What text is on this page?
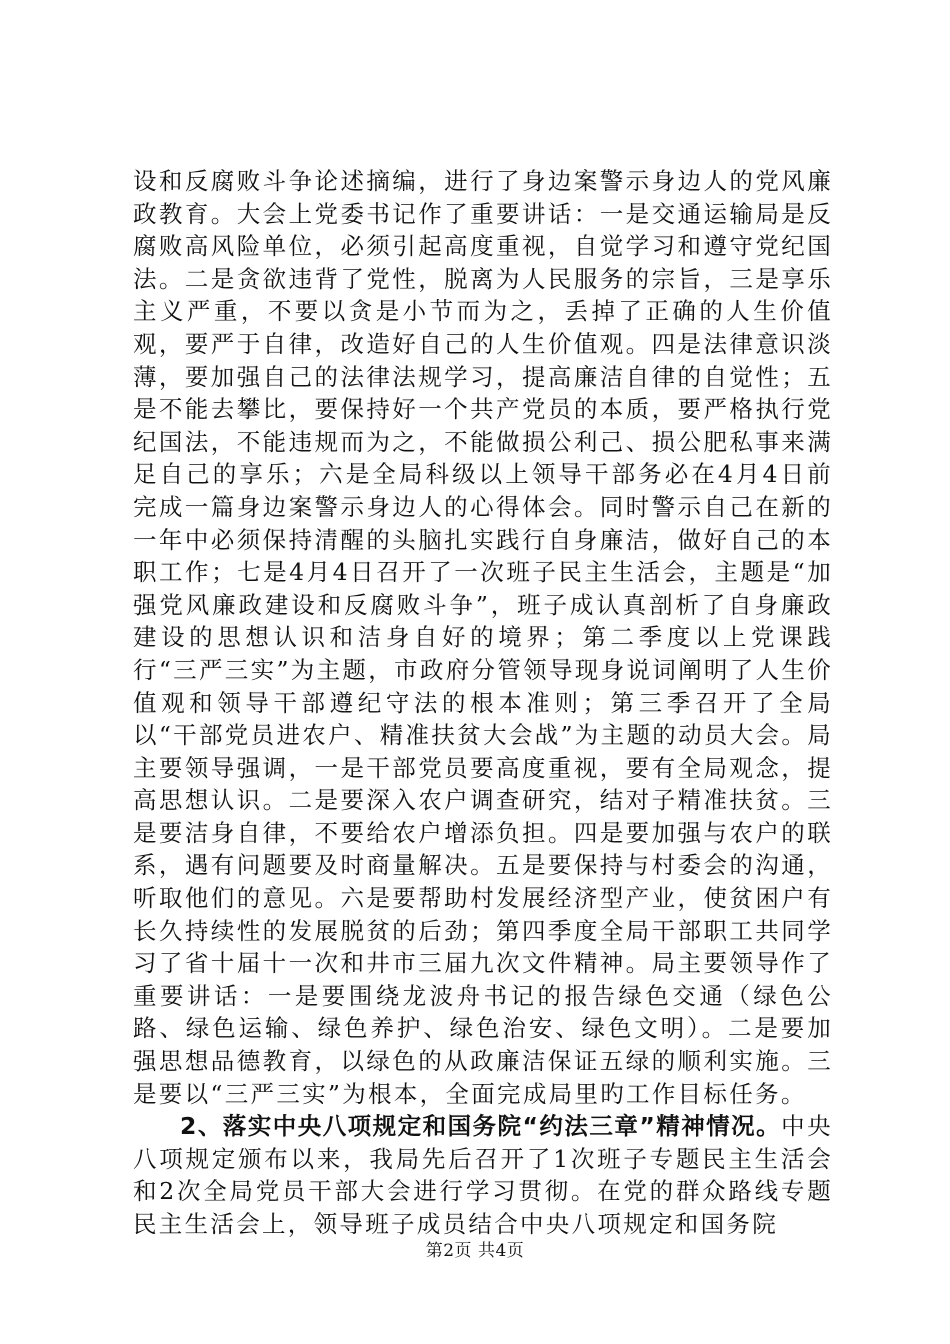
设和反腐败斗争论述摘编，进行了身边案警示身边人的党风廉政教育。大会上党委书记作了重要讲话：一是交通运输局是反腐败高风险单位，必须引起高度重视，自觉学习和遵守党纪国法。二是贪欲违背了党性，脱离为人民服务的宗旨，三是享乐主义严重，不要以贪是小节而为之，丢掉了正确的人生价值观，要严于自律，改造好自己的人生价值观。四是法律意识淡薄，要加强自己的法律法规学习，提高廉洁自律的自觉性；五是不能去攀比，要保持好一个共产党员的本质，要严格执行党纪国法，不能违规而为之，不能做损公利己、损公肥私事来满足自己的享乐；六是全局科级以上领导干部务必在4月4日前完成一篇身边案警示身边人的心得体会。同时警示自己在新的一年中必须保持清醒的头脑扎实践行自身廉洁，做好自己的本职工作；七是4月4日召开了一次班子民主生活会，主题是“加强党风廉政建设和反腐败斗争”，班子成认真剖析了自身廉政建设的思想认识和洁身自好的境界；第二季度以上党课践行“三严三实”为主题，市政府分管领导现身说词阐明了人生价值观和领导干部遵纪守法的根本准则；第三季召开了全局以“干部党员进农户、精准扶贫大会战”为主题的动员大会。局主要领导强调，一是干部党员要高度重视，要有全局观念，提高思想认识。二是要深入农户调查研究，结对子精准扶贫。三是要洁身自律，不要给农户增添负担。四是要加强与农户的联系，遇有问题要及时商量解决。五是要保持与村委会的沟通，听取他们的意见。六是要帮助村发展经济型产业，使贫困户有长久持续性的发展脱贫的后劲；第四季度全局干部职工共同学习了省十届十一次和井市三届九次文件精神。局主要领导作了重要讲话：一是要围绕龙波舟书记的报告绿色交通（绿色公路、绿色运输、绿色养护、绿色治安、绿色文明）。二是要加强思想品德教育，以绿色的从政廉洁保证五绿的顺利实施。三是要以“三严三实”为根本，全面完成局里旳工作目标任务。

2、落实中央八项规定和国务院“约法三章”精神情况。中央八项规定颁布以来，我局先后召开了1次班子专题民主生活会和2次全局党员干部大会进行学习贯彻。在党的群众路线专题民主生活会上，领导班子成员结合中央八项规定和国务院

第2页 共4页
